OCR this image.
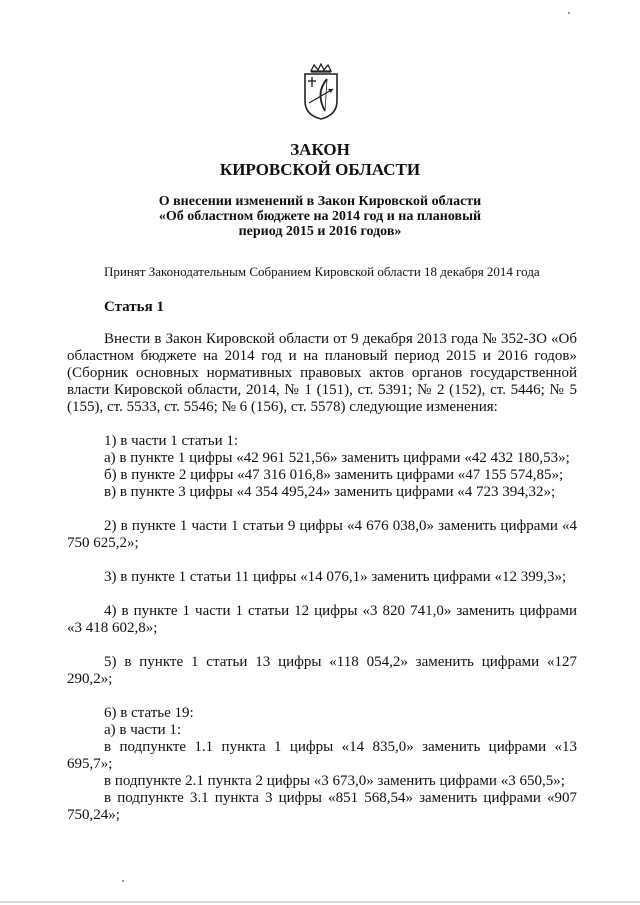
ЗАКОН
КИРОВСКОЙ ОБЛАСТИ
О внесении изменений в Закон Кировской области
«Об областном бюджете на 2014 год и на плановый
период 2015 и 2016 годов»
Принят Законодательным Собранием Кировской области 18 декабря 2014 года
Статья 1

Внести в Закон Кировской области от 9 декабря 2013 года № 352-ЗО «Об областном бюджете на 2014 год и на плановый период 2015 и 2016 годов» (Сборник основных нормативных правовых актов органов государственной власти Кировской области, 2014, № 1 (151), ст. 5391; № 2 (152), ст. 5446; № 5 (155), ст. 5533, ст. 5546; № 6 (156), ст. 5578) следующие изменения:

1) в части 1 статьи 1:

а) в пункте 1 цифры «42 961 521,56» заменить цифрами «42 432 180,53»;

б) в пункте 2 цифры «47 316 016,8» заменить цифрами «47 155 574,85»;

в) в пункте 3 цифры «4 354 495,24» заменить цифрами «4 723 394,32»;

2) в пункте 1 части 1 статьи 9 цифры «4 676 038,0» заменить цифрами «4 750 625,2»;

3) в пункте 1 статьи 11 цифры «14 076,1» заменить цифрами «12 399,3»;

4) в пункте 1 части 1 статьи 12 цифры «3 820 741,0» заменить цифрами «3 418 602,8»;

5) в пункте 1 статьи 13 цифры «118 054,2» заменить цифрами «127 290,2»;

6) в статье 19:

а) в части 1:

в подпункте 1.1 пункта 1 цифры «14 835,0» заменить цифрами «13 695,7»;

в подпункте 2.1 пункта 2 цифры «3 673,0» заменить цифрами «3 650,5»;

в подпункте 3.1 пункта 3 цифры «851 568,54» заменить цифрами «907 750,24»;
